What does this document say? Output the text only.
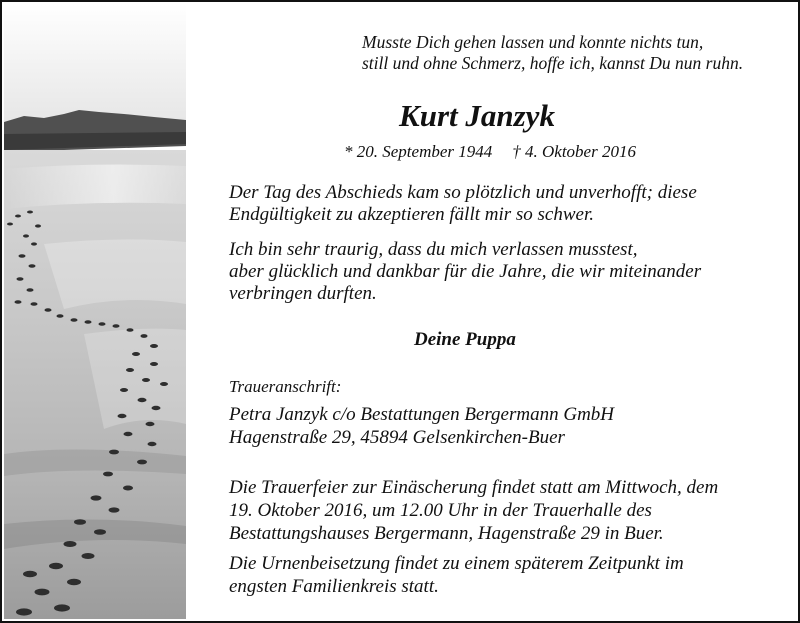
Musste Dich gehen lassen und konnte nichts tun,
still und ohne Schmerz, hoffe ich, kannst Du nun ruhn.
Kurt Janzyk
* 20. September 1944 † 4. Oktober 2016
Der Tag des Abschieds kam so plötzlich und unverhofft; diese
Endgültigkeit zu akzeptieren fällt mir so schwer.
Ich bin sehr traurig, dass du mich verlassen musstest,
aber glücklich und dankbar für die Jahre, die wir miteinander
verbringen durften.
Deine Puppa
Traueranschrift:
Petra Janzyk c/o Bestattungen Bergermann GmbH
Hagenstraße 29, 45894 Gelsenkirchen-Buer
Die Trauerfeier zur Einäscherung findet statt am Mittwoch, dem
19. Oktober 2016, um 12.00 Uhr in der Trauerhalle des
Bestattungshauses Bergermann, Hagenstraße 29 in Buer.
Die Urnenbeisetzung findet zu einem späterem Zeitpunkt im
engsten Familienkreis statt.
